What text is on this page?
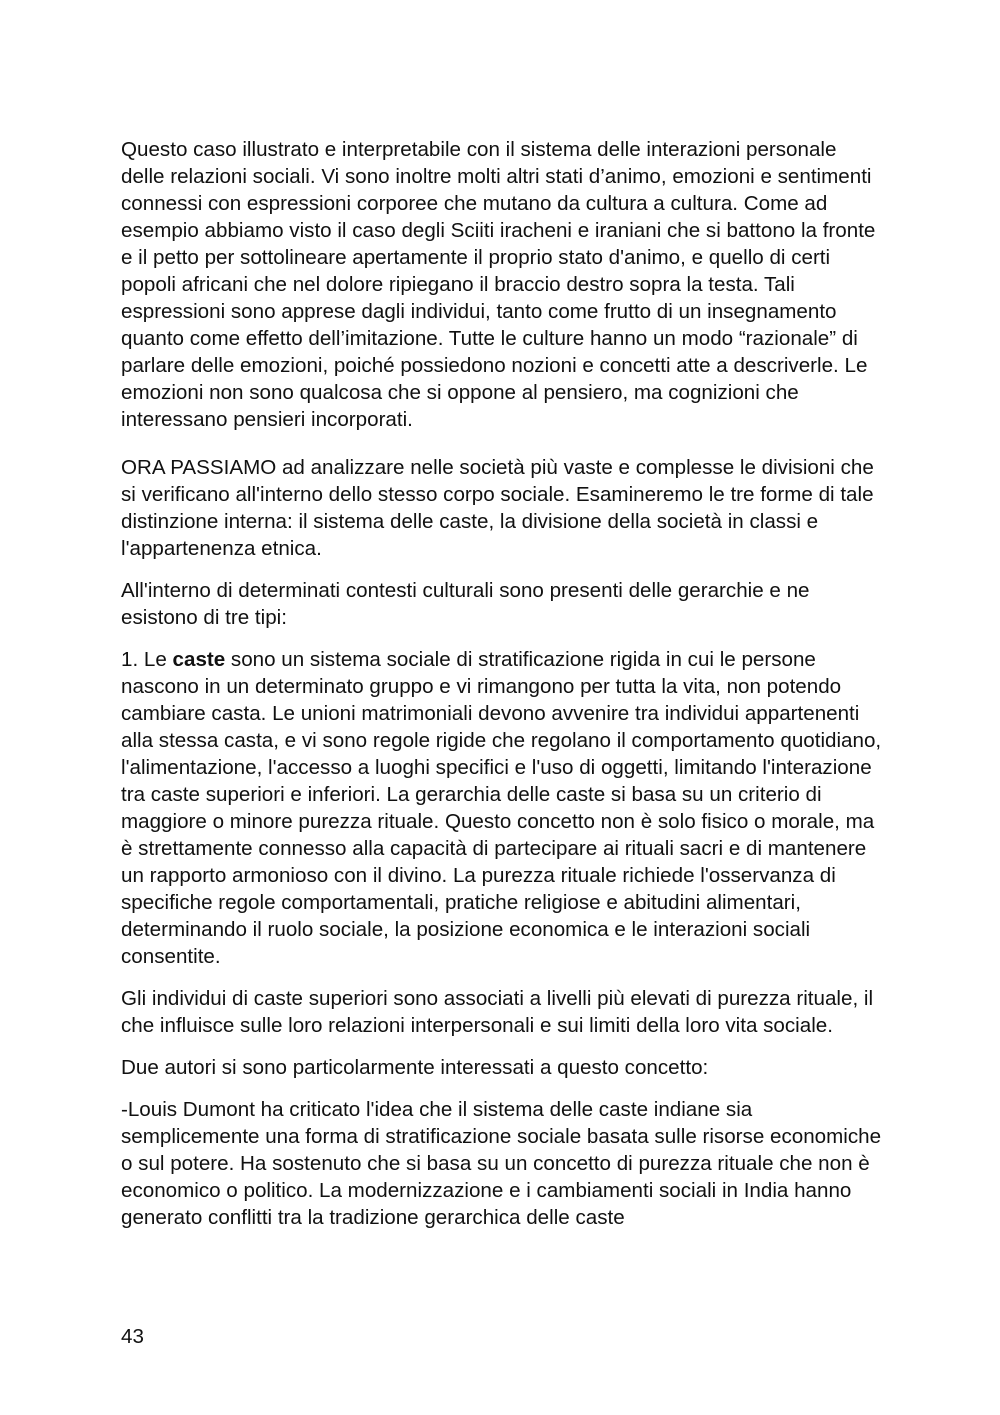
Questo caso illustrato e interpretabile con il sistema delle interazioni personale delle relazioni sociali. Vi sono inoltre molti altri stati d’animo, emozioni e sentimenti connessi con espressioni corporee che mutano da cultura a cultura. Come ad esempio abbiamo visto il caso degli Sciiti iracheni e iraniani che si battono la fronte e il petto per sottolineare apertamente il proprio stato d'animo, e quello di certi popoli africani che nel dolore ripiegano il braccio destro sopra la testa. Tali espressioni sono apprese dagli individui, tanto come frutto di un insegnamento quanto come effetto dell’imitazione. Tutte le culture hanno un modo “razionale” di parlare delle emozioni, poiché possiedono nozioni e concetti atte a descriverle. Le emozioni non sono qualcosa che si oppone al pensiero, ma cognizioni che interessano pensieri incorporati.

ORA PASSIAMO ad analizzare nelle società più vaste e complesse le divisioni che si verificano all'interno dello stesso corpo sociale. Esamineremo le tre forme di tale distinzione interna: il sistema delle caste, la divisione della società in classi e l'appartenenza etnica.

All'interno di determinati contesti culturali sono presenti delle gerarchie e ne esistono di tre tipi:

1. Le caste sono un sistema sociale di stratificazione rigida in cui le persone nascono in un determinato gruppo e vi rimangono per tutta la vita, non potendo cambiare casta. Le unioni matrimoniali devono avvenire tra individui appartenenti alla stessa casta, e vi sono regole rigide che regolano il comportamento quotidiano, l'alimentazione, l'accesso a luoghi specifici e l'uso di oggetti, limitando l'interazione tra caste superiori e inferiori. La gerarchia delle caste si basa su un criterio di maggiore o minore purezza rituale. Questo concetto non è solo fisico o morale, ma è strettamente connesso alla capacità di partecipare ai rituali sacri e di mantenere un rapporto armonioso con il divino. La purezza rituale richiede l'osservanza di specifiche regole comportamentali, pratiche religiose e abitudini alimentari, determinando il ruolo sociale, la posizione economica e le interazioni sociali consentite.

Gli individui di caste superiori sono associati a livelli più elevati di purezza rituale, il che influisce sulle loro relazioni interpersonali e sui limiti della loro vita sociale.

Due autori si sono particolarmente interessati a questo concetto:

-Louis Dumont ha criticato l'idea che il sistema delle caste indiane sia semplicemente una forma di stratificazione sociale basata sulle risorse economiche o sul potere. Ha sostenuto che si basa su un concetto di purezza rituale che non è economico o politico. La modernizzazione e i cambiamenti sociali in India hanno generato conflitti tra la tradizione gerarchica delle caste

43
